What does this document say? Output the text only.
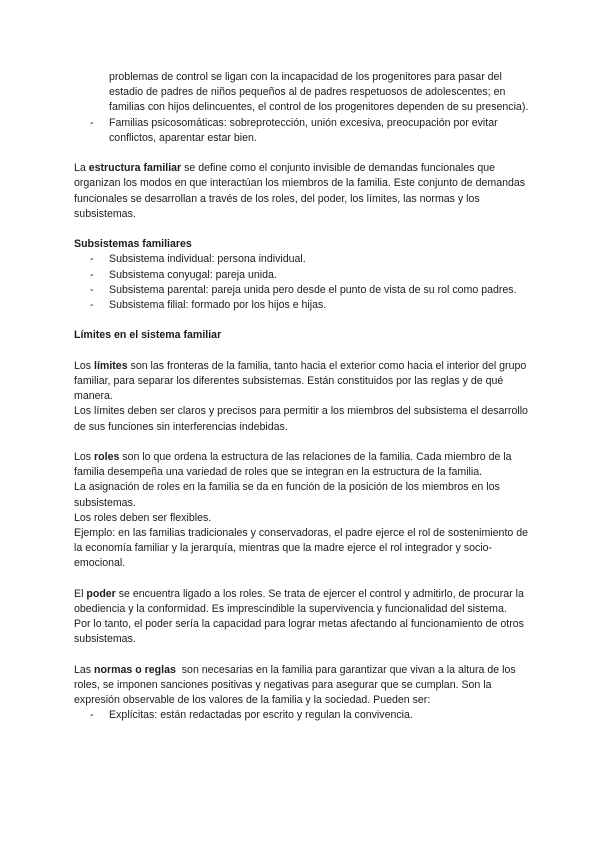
problemas de control se ligan con la incapacidad de los progenitores para pasar del estadio de padres de niños pequeños al de padres respetuosos de adolescentes; en familias con hijos delincuentes, el control de los progenitores dependen de su presencia).

- Familias psicosomáticas: sobreprotección, unión excesiva, preocupación por evitar conflictos, aparentar estar bien.

La estructura familiar se define como el conjunto invisible de demandas funcionales que organizan los modos en que interactúan los miembros de la familia. Este conjunto de demandas funcionales se desarrollan a través de los roles, del poder, los límites, las normas y los subsistemas.

Subsistemas familiares

- Subsistema individual: persona individual.
- Subsistema conyugal: pareja unida.
- Subsistema parental: pareja unida pero desde el punto de vista de su rol como padres.
- Subsistema filial: formado por los hijos e hijas.

Límites en el sistema familiar

Los límites son las fronteras de la familia, tanto hacia el exterior como hacia el interior del grupo familiar, para separar los diferentes subsistemas. Están constituidos por las reglas y de qué manera.

Los límites deben ser claros y precisos para permitir a los miembros del subsistema el desarrollo de sus funciones sin interferencias indebidas.

Los roles son lo que ordena la estructura de las relaciones de la familia. Cada miembro de la familia desempeña una variedad de roles que se integran en la estructura de la familia.

La asignación de roles en la familia se da en función de la posición de los miembros en los subsistemas.

Los roles deben ser flexibles.

Ejemplo: en las familias tradicionales y conservadoras, el padre ejerce el rol de sostenimiento de la economía familiar y la jerarquía, mientras que la madre ejerce el rol integrador y socio-emocional.

El poder se encuentra ligado a los roles. Se trata de ejercer el control y admitirlo, de procurar la obediencia y la conformidad. Es imprescindible la supervivencia y funcionalidad del sistema.

Por lo tanto, el poder sería la capacidad para lograr metas afectando al funcionamiento de otros subsistemas.

Las normas o reglas  son necesarias en la familia para garantizar que vivan a la altura de los roles, se imponen sanciones positivas y negativas para asegurar que se cumplan. Son la expresión observable de los valores de la familia y la sociedad. Pueden ser:

- Explícitas: están redactadas por escrito y regulan la convivencia.
